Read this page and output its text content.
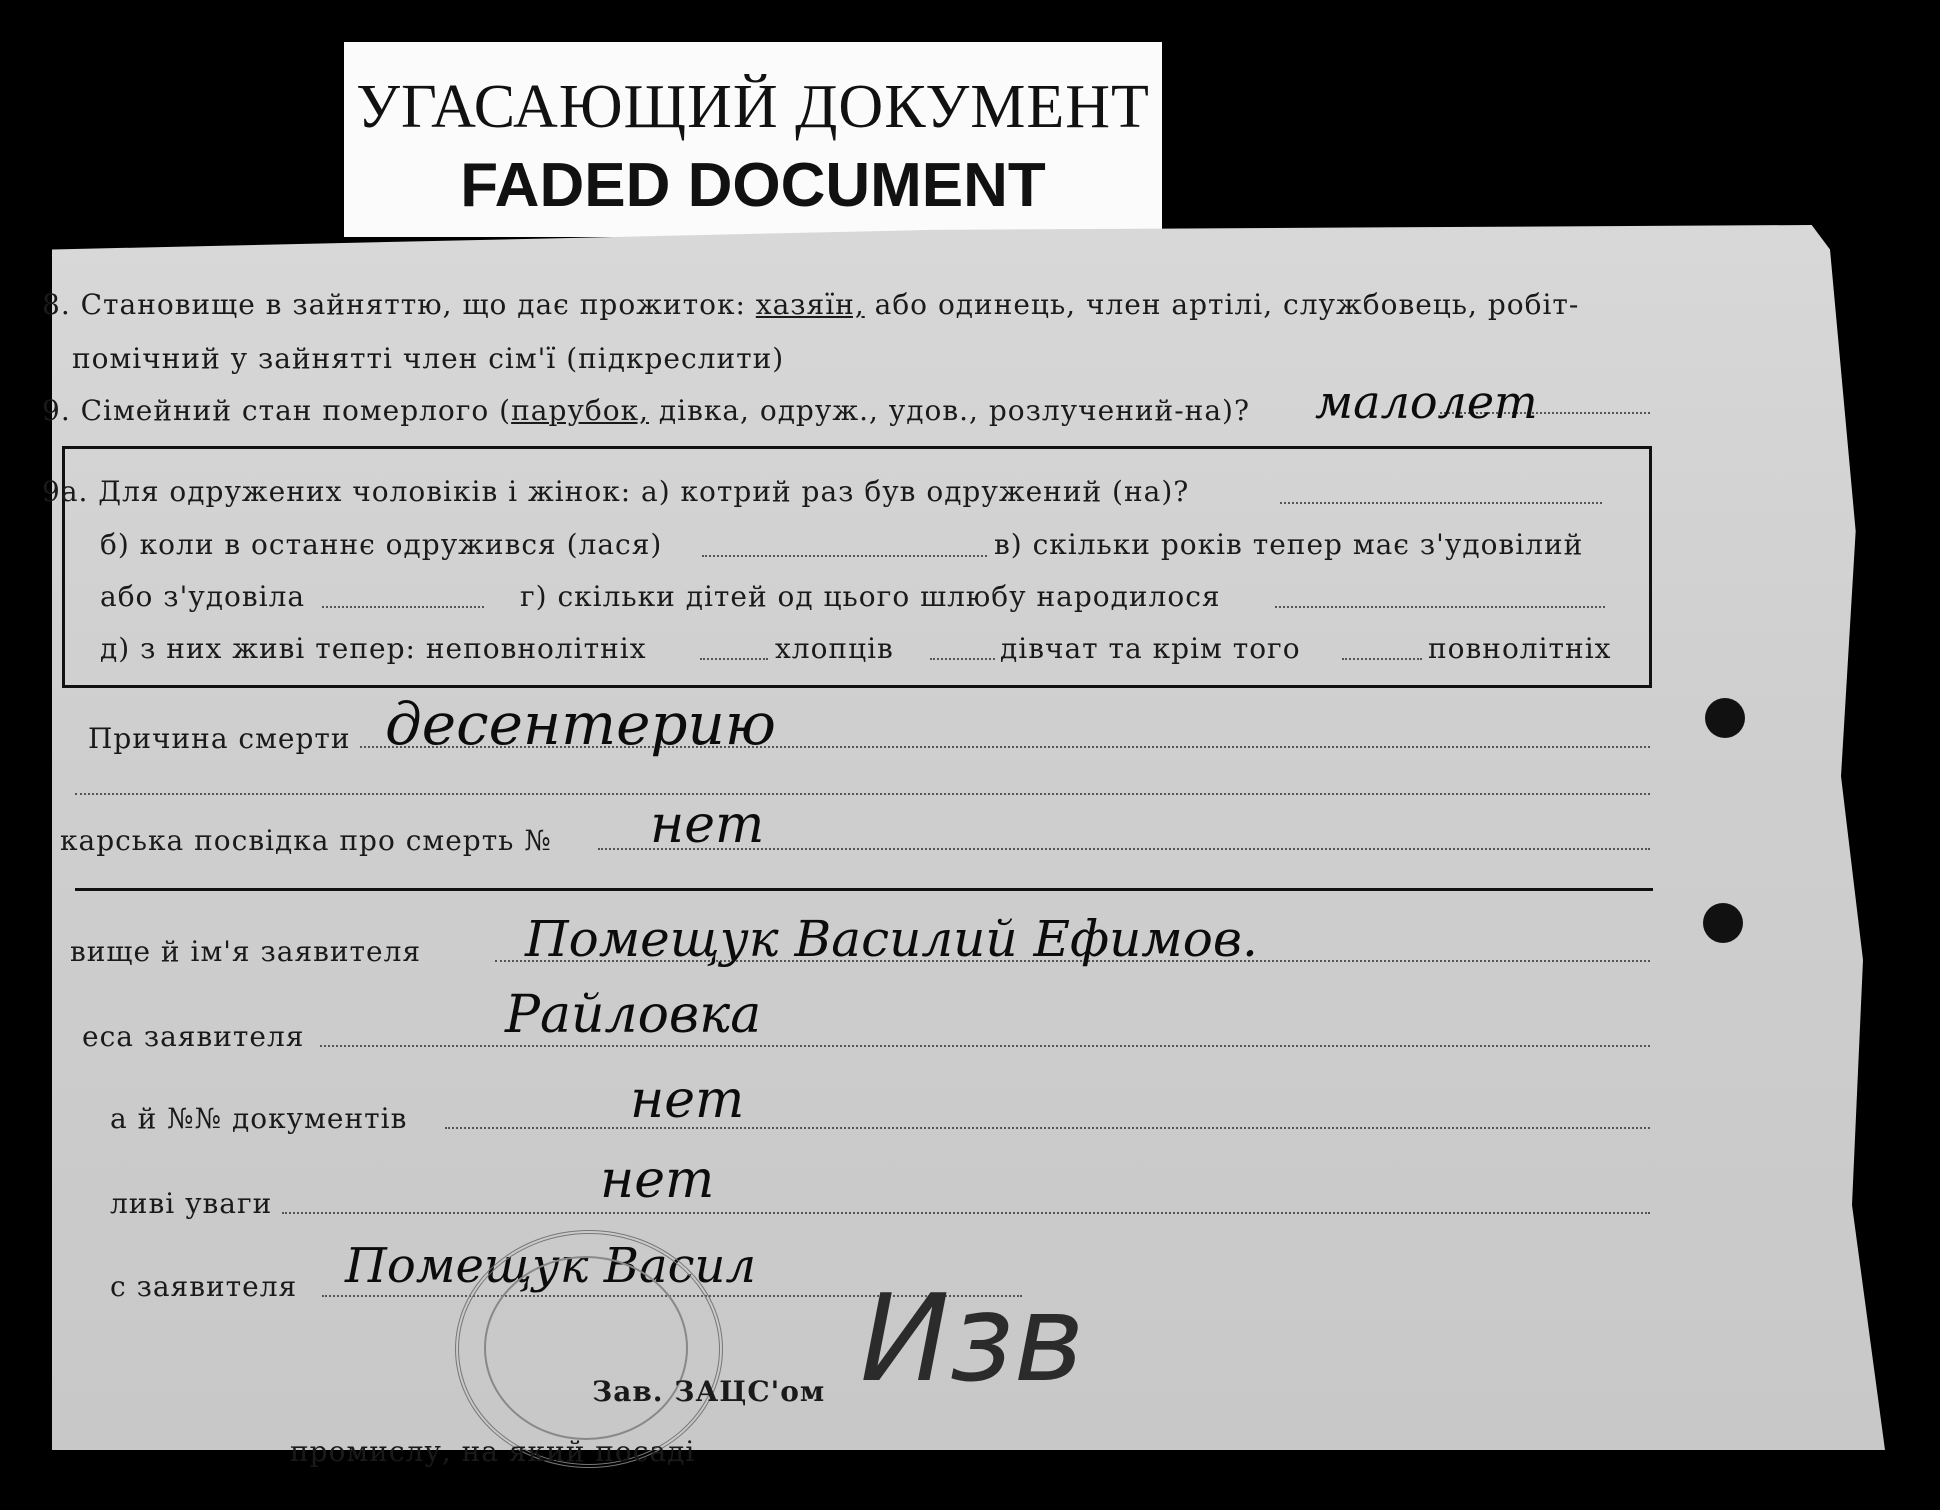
УГАСАЮЩИЙ ДОКУМЕНТ
FADED DOCUMENT
8. Становище в зайняттю, що дає прожиток: хазяїн, або одинець, член артілі, службовець, робіт-
помічний у зайнятті член сім'ї (підкреслити)
9. Сімейний стан померлого (парубок, дівка, одруж., удов., розлучений-на)? малолет
9а. Для одружених чоловіків і жінок: а) котрий раз був одружений (на)?
б) коли в останнє одружився (лася)	в) скільки років тепер має з'удовілий
або з'удовіла	г) скільки дітей од цього шлюбу народилося
д) з них живі тепер: неповнолітніх	хлопців	дівчат та крім того	повнолітніх
Причина смерти десентерию
карська посвідка про смерть № нет
вище й ім'я заявителя Помещук Василий Ефимов.
еса заявителя	Райловка
а й №№ документів	нет
ливі уваги	нет
с заявителя Помещук Васил
Зав. ЗАЦС'ом Изв
промислу, на який посаді
